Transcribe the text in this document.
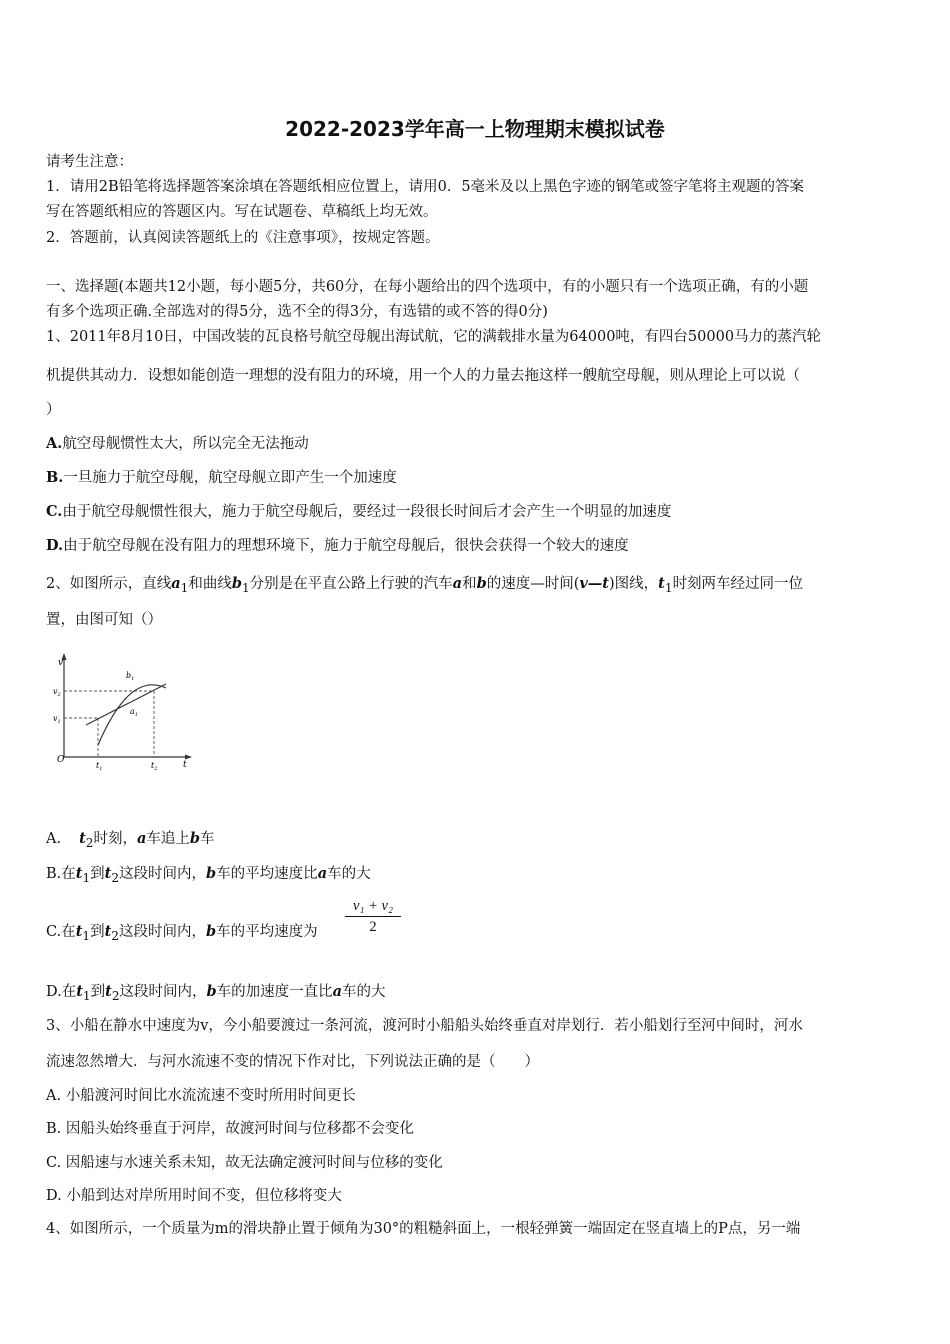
2022-2023学年高一上物理期末模拟试卷
请考生注意：
1．请用2B铅笔将选择题答案涂填在答题纸相应位置上，请用0．5毫米及以上黑色字迹的钢笔或签字笔将主观题的答案
写在答题纸相应的答题区内。写在试题卷、草稿纸上均无效。
2．答题前，认真阅读答题纸上的《注意事项》，按规定答题。
一、选择题(本题共12小题，每小题5分，共60分，在每小题给出的四个选项中，有的小题只有一个选项正确，有的小题
有多个选项正确.全部选对的得5分，选不全的得3分，有选错的或不答的得0分)
1、2011年8月10日，中国改装的瓦良格号航空母舰出海试航，它的满载排水量为64000吨，有四台50000马力的蒸汽轮
机提供其动力．设想如能创造一理想的没有阻力的环境，用一个人的力量去拖这样一艘航空母舰，则从理论上可以说（
）
A.航空母舰惯性太大，所以完全无法拖动
B.一旦施力于航空母舰，航空母舰立即产生一个加速度
C.由于航空母舰惯性很大，施力于航空母舰后，要经过一段很长时间后才会产生一个明显的加速度
D.由于航空母舰在没有阻力的理想环境下，施力于航空母舰后，很快会获得一个较大的速度
2、如图所示，直线$a_1$和曲线$b_1$分别是在平直公路上行驶的汽车a和b的速度—时间(v—t)图线，$t_1$时刻两车经过同一位
置，由图可知（）
v
t
O
$v_1$
$v_2$
$t_1$	$t_2$
$b_1$
$a_1$
A. $t_2$时刻，a车追上b车
B.在$t_1$到$t_2$这段时间内，b车的平均速度比a车的大
C.在$t_1$到$t_2$这段时间内，b车的平均速度为
v₁ + v₂
2
D.在$t_1$到$t_2$这段时间内，b车的加速度一直比a车的大
3、小船在静水中速度为v，今小船要渡过一条河流，渡河时小船船头始终垂直对岸划行．若小船划行至河中间时，河水
流速忽然增大．与河水流速不变的情况下作对比，下列说法正确的是（　　）
A. 小船渡河时间比水流流速不变时所用时间更长
B. 因船头始终垂直于河岸，故渡河时间与位移都不会变化
C. 因船速与水速关系未知，故无法确定渡河时间与位移的变化
D. 小船到达对岸所用时间不变，但位移将变大
4、如图所示，一个质量为m的滑块静止置于倾角为30°的粗糙斜面上，一根轻弹簧一端固定在竖直墙上的P点，另一端
